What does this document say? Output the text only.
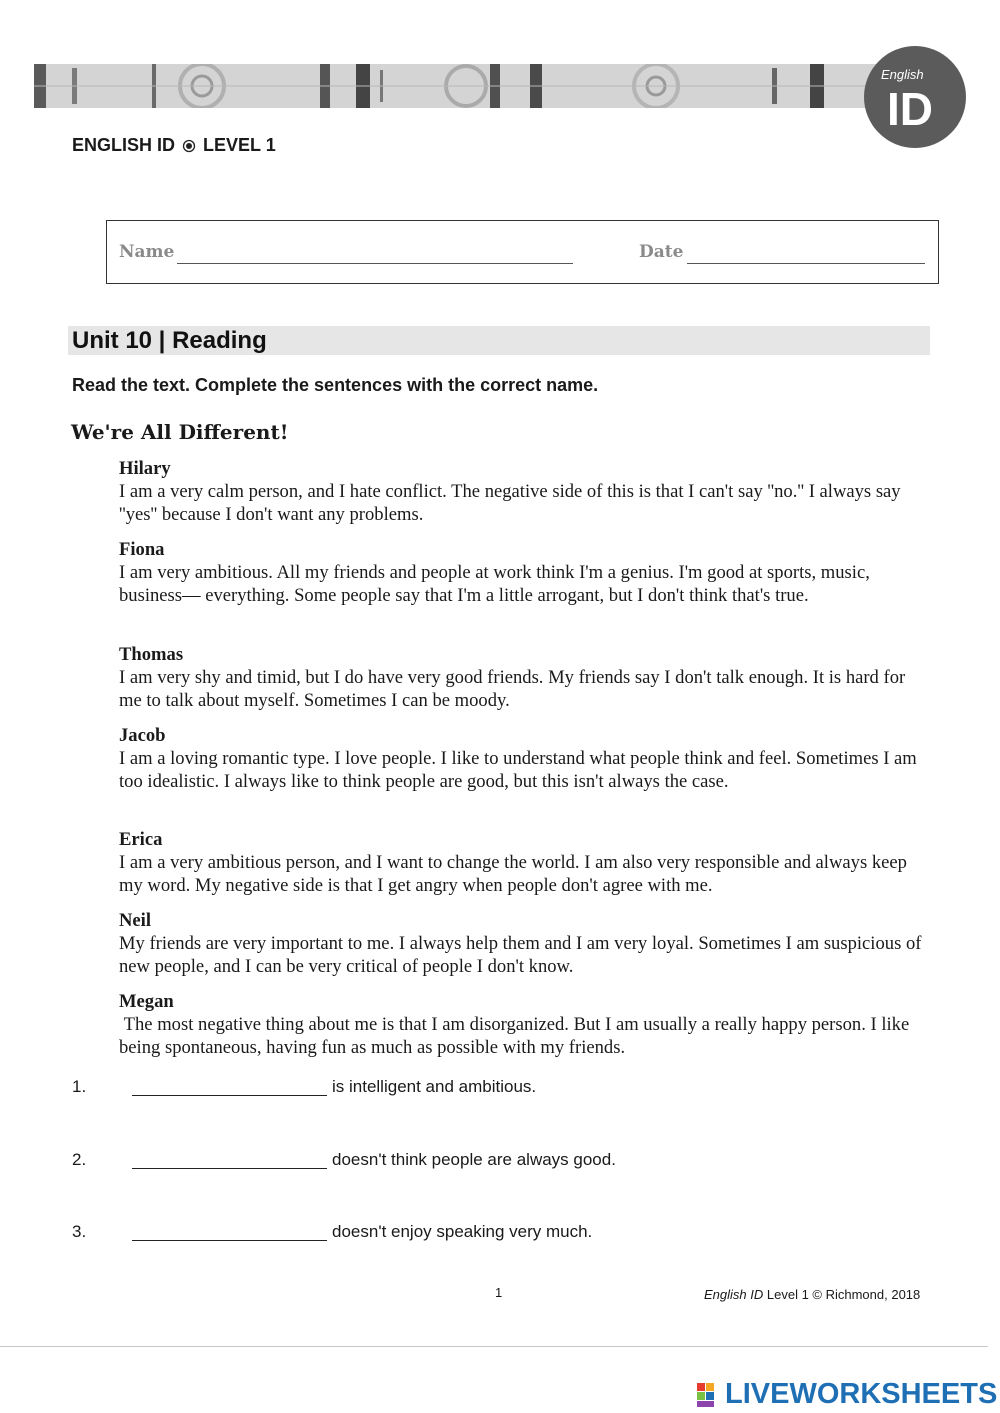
English
ID
ENGLISH ID LEVEL 1
Name	Date
Unit 10 | Reading
Read the text. Complete the sentences with the correct name.
We're All Different!
Hilary
I am a very calm person, and I hate conflict. The negative side of this is that I can't say ''no.'' I always say ''yes'' because I don't want any problems.
Fiona
I am very ambitious. All my friends and people at work think I'm a genius. I'm good at sports, music, business— everything. Some people say that I'm a little arrogant, but I don't think that's true.
Thomas
I am very shy and timid, but I do have very good friends. My friends say I don't talk enough. It is hard for me to talk about myself. Sometimes I can be moody.
Jacob
I am a loving romantic type. I love people. I like to understand what people think and feel. Sometimes I am too idealistic. I always like to think people are good, but this isn't always the case.
Erica
I am a very ambitious person, and I want to change the world. I am also very responsible and always keep my word. My negative side is that I get angry when people don't agree with me.
Neil
My friends are very important to me. I always help them and I am very loyal. Sometimes I am suspicious of new people, and I can be very critical of people I don't know.
Megan
The most negative thing about me is that I am disorganized. But I am usually a really happy person. I like being spontaneous, having fun as much as possible with my friends.
1.	is intelligent and ambitious.
2.	doesn't think people are always good.
3.	doesn't enjoy speaking very much.
1	English ID Level 1 © Richmond, 2018
LIVEWORKSHEETS
